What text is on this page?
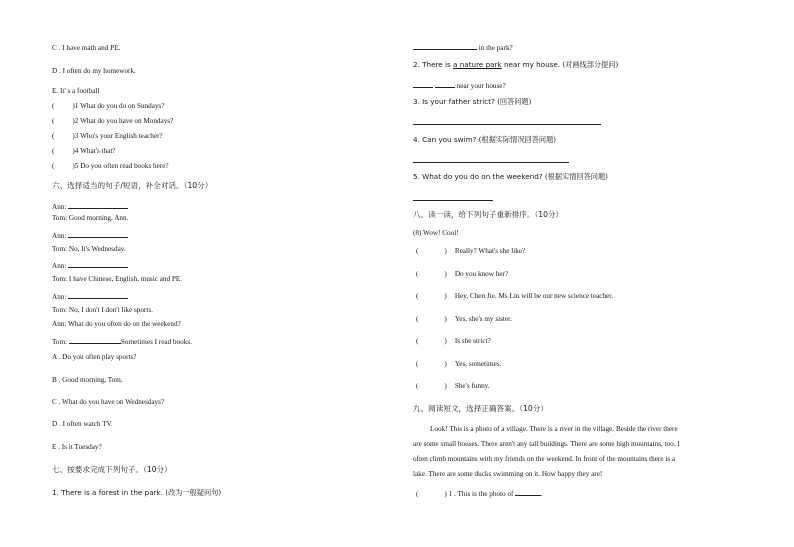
C . I have math and PE.
D . I often do my homework.
E. It' s a football
(	)1 What do you do on Sundays?
(	)2 What do you have on Mondays?
(	)3 Who's your English teacher?
(	)4 What's that?
(	)5 Do you often read books here?
六、选择适当的句子/短语，补全对话。（10分）
Ann:
Tom: Good morning, Ann.
Ann:
Tom: No, It's Wednesday.
Ann:
Tom: I have Chinese, English, music and PE.
Ann:
Tom: No, I don't I don't like sports.
Ann: What do you often do on the weekend?
Tom:	Sometimes I read books.
A . Do you often play sports?
B . Good morning, Tom.
C . What do you have on Wednesdays?
D . I often watch TV.
E . Is it Tuesday?
七、按要求完成下列句子。（10分）
1. There is a forest in the park. (改为一般疑问句)
in the park?
2. There is a nature park near my house. (对画线部分提问)
near your house?
3. Is your father strict? (回答问题)
4. Can you swim? (根据实际情况回答问题)
5. What do you do on the weekend? (根据实情回答问题)
八、读一读，给下列句子重新排序。（10分）
(8) Wow! Cool!
(	) Really? What's she like?
(	) Do you know her?
(	) Hey, Chen Jie. Ms Lin will be our new science teacher.
(	) Yes, she's my sister.
(	) Is she strict?
(	) Yes, sometimes.
(	) She's funny.
九、阅读短文，选择正确答案。（10分）
Look! This is a photo of a village. There is a river in the village. Beside the river there
are some small houses. There aren't any tall buildings. There are some high mountains, too. I
often climb mountains with my friends on the weekend. In front of the mountains there is a
lake. There are some ducks swimming on it. How happy they are!
(	) 1 . This is the photo of	.
